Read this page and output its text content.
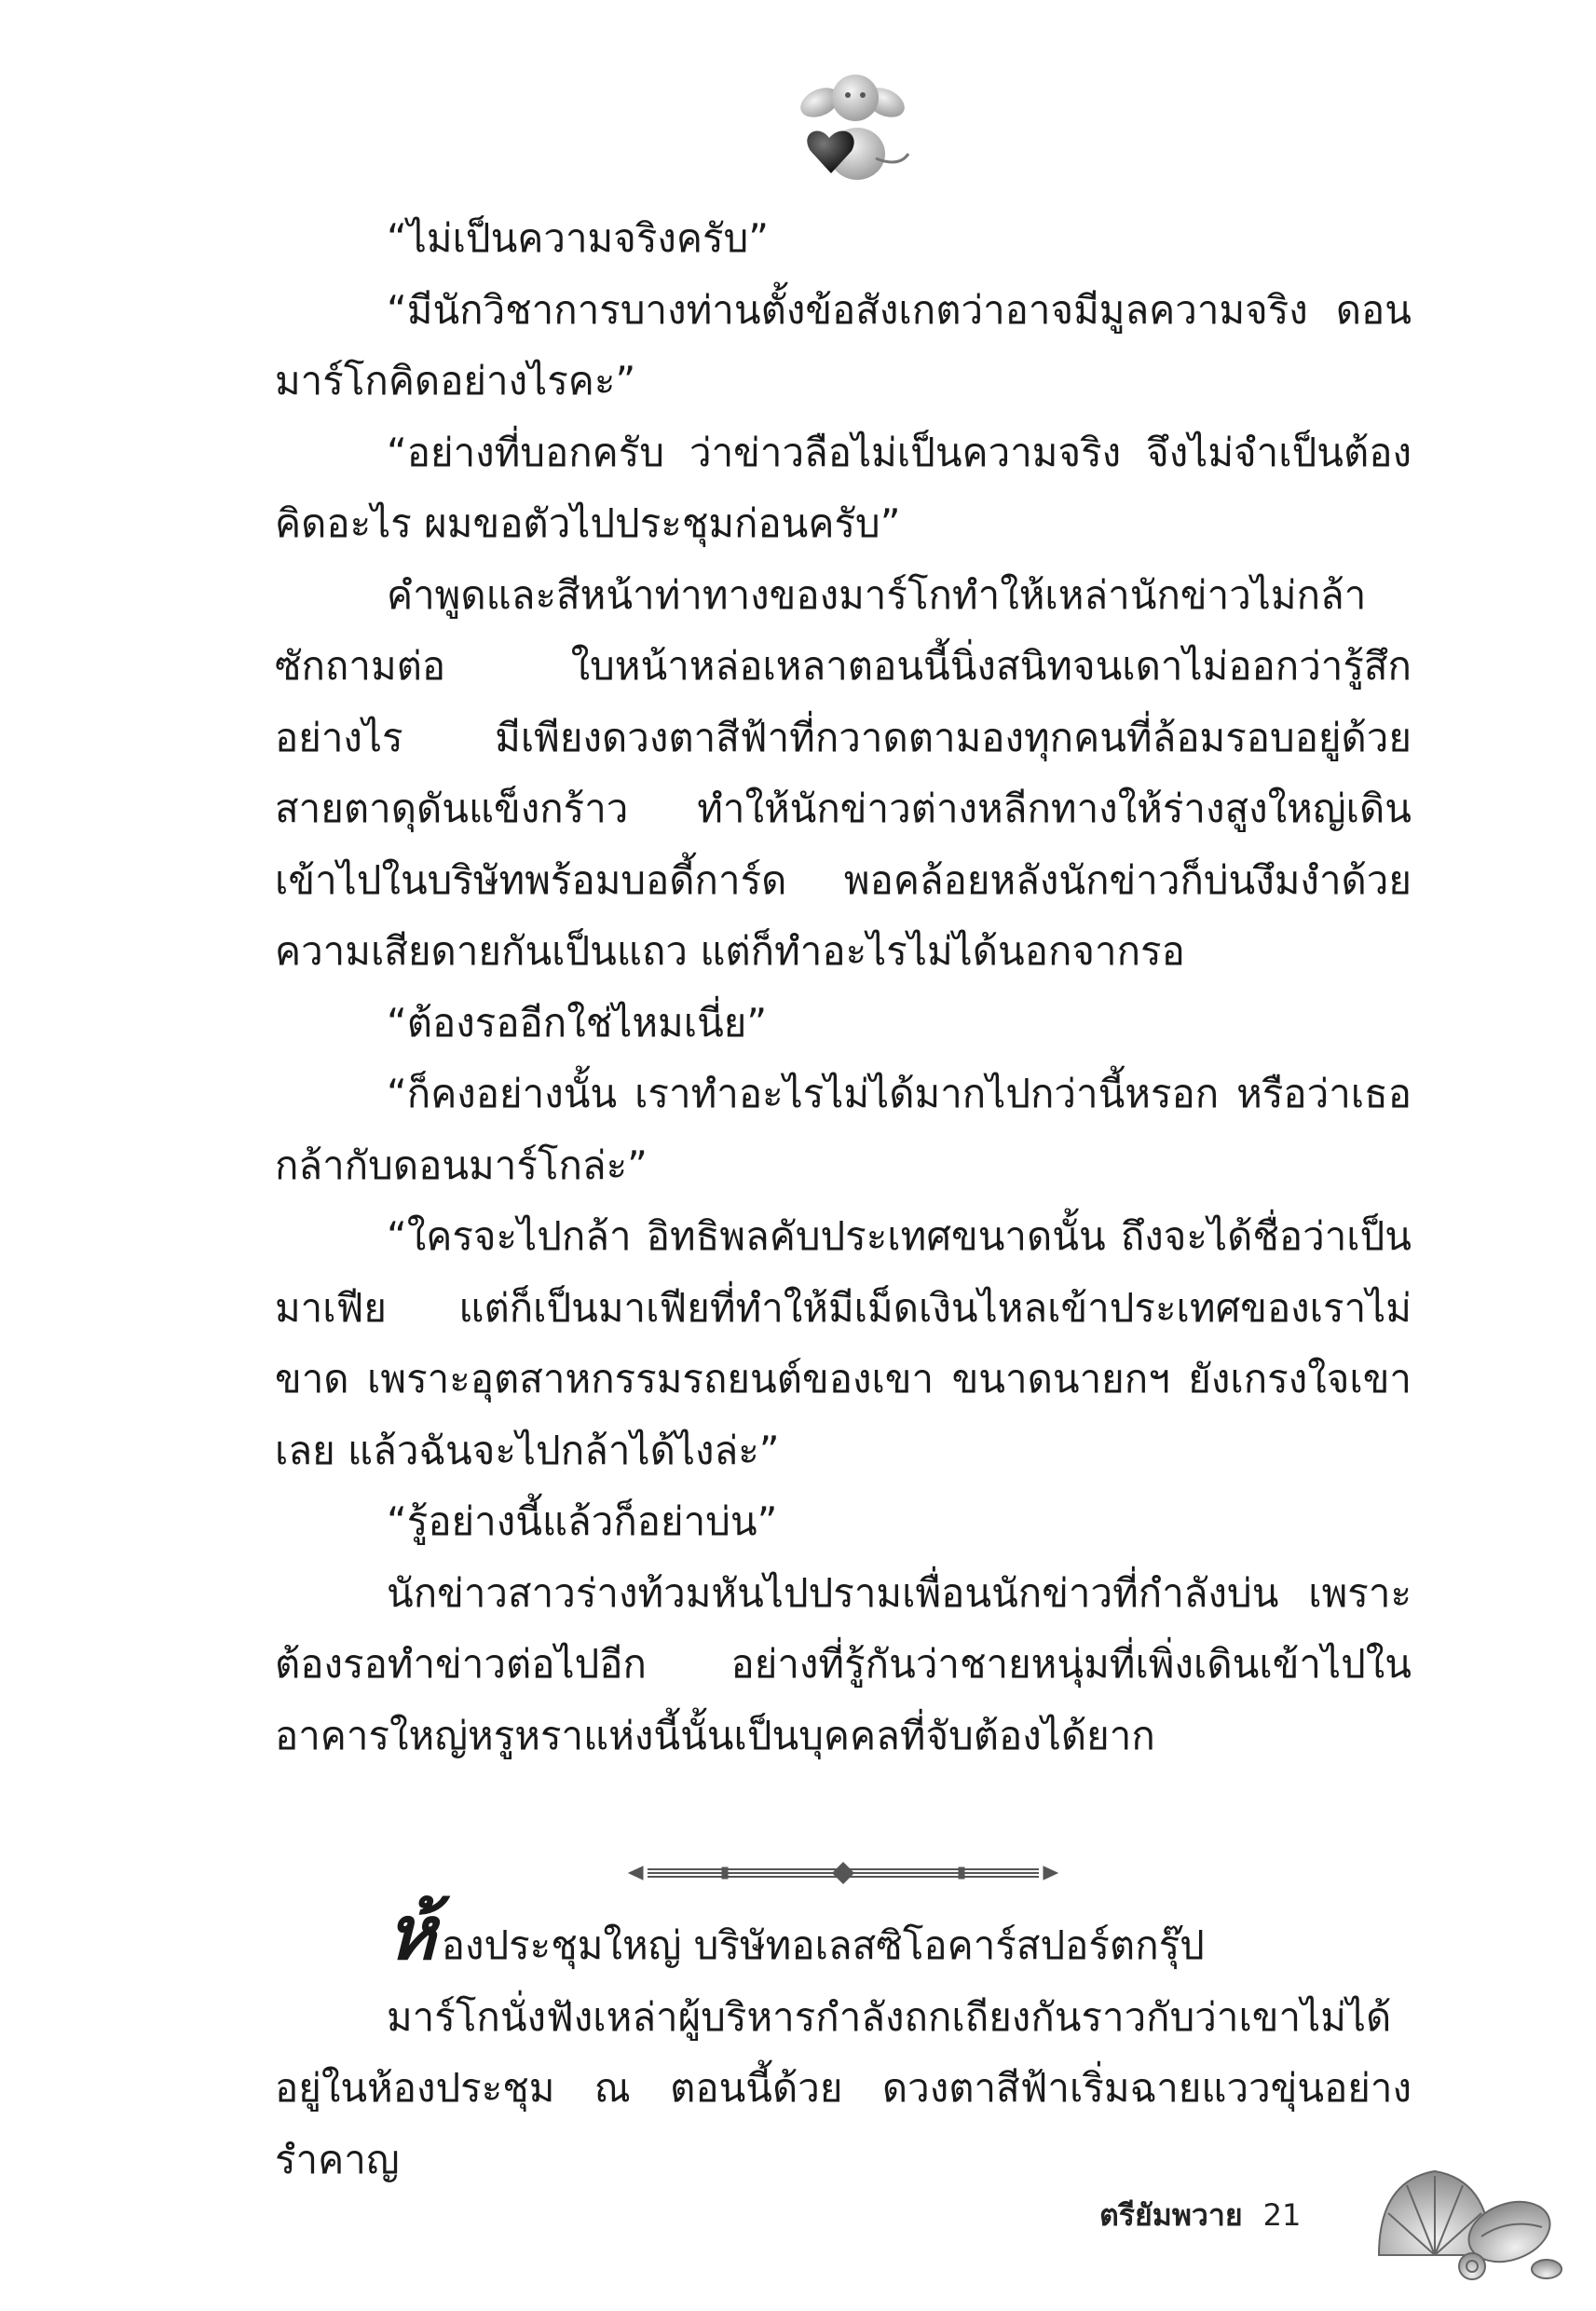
“ไม่เป็นความจริงครับ”

“มีนักวิชาการบางท่านตั้งข้อสังเกตว่าอาจมีมูลความจริง ดอนมาร์โกคิดอย่างไรคะ”

“อย่างที่บอกครับ ว่าข่าวลือไม่เป็นความจริง จึงไม่จำเป็นต้องคิดอะไร ผมขอตัวไปประชุมก่อนครับ”

คำพูดและสีหน้าท่าทางของมาร์โกทำให้เหล่านักข่าวไม่กล้าซักถามต่อ ใบหน้าหล่อเหลาตอนนี้นิ่งสนิทจนเดาไม่ออกว่ารู้สึกอย่างไร มีเพียงดวงตาสีฟ้าที่กวาดตามองทุกคนที่ล้อมรอบอยู่ด้วยสายตาดุดันแข็งกร้าว ทำให้นักข่าวต่างหลีกทางให้ร่างสูงใหญ่เดินเข้าไปในบริษัทพร้อมบอดี้การ์ด พอคล้อยหลังนักข่าวก็บ่นงึมงำด้วยความเสียดายกันเป็นแถว แต่ก็ทำอะไรไม่ได้นอกจากรอ

“ต้องรออีกใช่ไหมเนี่ย”

“ก็คงอย่างนั้น เราทำอะไรไม่ได้มากไปกว่านี้หรอก หรือว่าเธอกล้ากับดอนมาร์โกล่ะ”

“ใครจะไปกล้า อิทธิพลคับประเทศขนาดนั้น ถึงจะได้ชื่อว่าเป็นมาเฟีย แต่ก็เป็นมาเฟียที่ทำให้มีเม็ดเงินไหลเข้าประเทศของเราไม่ขาด เพราะอุตสาหกรรมรถยนต์ของเขา ขนาดนายกฯ ยังเกรงใจเขาเลย แล้วฉันจะไปกล้าได้ไงล่ะ”

“รู้อย่างนี้แล้วก็อย่าบ่น”

นักข่าวสาวร่างท้วมหันไปปรามเพื่อนนักข่าวที่กำลังบ่น เพราะต้องรอทำข่าวต่อไปอีก อย่างที่รู้กันว่าชายหนุ่มที่เพิ่งเดินเข้าไปในอาคารใหญ่หรูหราแห่งนี้นั้นเป็นบุคคลที่จับต้องได้ยาก

ห้องประชุมใหญ่ บริษัทอเลสซิโอคาร์สปอร์ตกรุ๊ป

มาร์โกนั่งฟังเหล่าผู้บริหารกำลังถกเถียงกันราวกับว่าเขาไม่ได้อยู่ในห้องประชุม ณ ตอนนี้ด้วย ดวงตาสีฟ้าเริ่มฉายแววขุ่นอย่างรำคาญ

ตรียัมพวาย 21
